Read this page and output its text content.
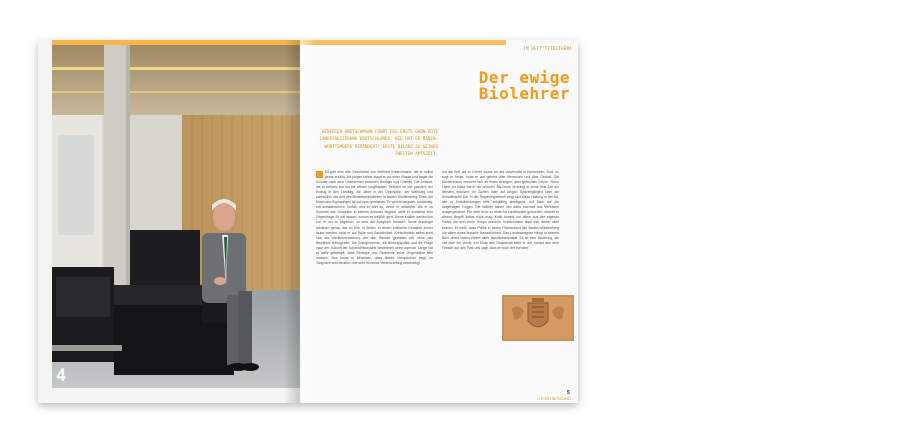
4
IM HEFT TITELTHEMA
Der ewige
Biolehrer
WINFRIED KRETSCHMANN FÜHRT DIE ERSTE GRÜN-ROTE LANDESREGIERUNG DEUTSCHLANDS. WIE HAT ER BADEN-WÜRTTEMBERG VERÄNDERT? ERSTE BILANZ ZU SEINER ZWEITEN AMTSZEIT.

Es gibt eine alte Geschichte von Winfried Kretschmann, die er selbst gerne erzählt. Als junger Lehrer stand er vor einer Klasse und fragte die Schüler nach dem Unterschied zwischen Biologie und Chemie. Die Antwort, die er bekam, hat ihn nie wieder losgelassen. Seitdem ist viel passiert: der Einzug in den Landtag, die Jahre in der Opposition, der Wahlsieg und schließlich das Amt des Ministerpräsidenten in Baden-Württemberg. Doch der Mann aus Sigmaringen ist sich treu geblieben. Er spricht langsam, bedächtig, mit schwäbischem Tonfall, und er hört zu, bevor er antwortet. Als er im Sommer das Gespräch in seinem Amtssitz beginnt, stellt er zunächst eine Gegenfrage. Er will wissen, worum es wirklich geht. Seine Kritiker werfen ihm vor, er sei zu zögerlich, zu sehr auf Ausgleich bedacht. Seine Anhänger schätzen genau das an ihm. In Zeiten, in denen politische Debatten immer lauter werden, setzt er auf Ruhe und Sachlichkeit. Kretschmann selbst sieht sich als Wertkonservativen, der den Wandel gestalten will, ohne das Bewährte aufzugeben. Die Energiewende, die Bildungspolitik und die Frage nach der Zukunft der Automobilindustrie bestimmen seine Agenda. Lange hat er dafür gekämpft, dass Ökologie und Ökonomie keine Gegensätze sein müssen. Nun muss er beweisen, dass dieses Versprechen trägt. Im Gespräch wird deutlich, wie sehr ihn diese Verantwortung beschäftigt.

um die Zeit, als er Lehrer wurde an der Universität in Hohenheim. Dort, so sagt er heute, habe er viel gelernt über Menschen und über Geduld. Die Studierenden erinnern sich an einen strengen, aber gerechten Lehrer. Seine Liebe zur Natur hat er nie verloren. Bis heute verbringt er seine freie Zeit am liebsten draußen, im Garten oder auf langen Spaziergängen über die Schwäbische Alb. In der Regierungsarbeit zeigt sich diese Haltung in der Art, wie er Entscheidungen trifft: sorgfältig abwägend, mit Blick auf die langfristigen Folgen. Die Wähler haben ihm dafür zweimal das Vertrauen ausgesprochen. Für viele ist er zu einer Art Landesvater geworden, obwohl er diesen Begriff selbst nicht mag. Kritik kommt vor allem aus der eigenen Partei, die sich mehr Tempo wünscht. Kretschmann lässt sich davon nicht beirren. Er weiß, dass Politik in einem Flächenland wie Baden-Württemberg vor allem eines braucht: Beharrlichkeit. Das Landeswappen hängt in seinem Büro direkt neben einem alten Naturkundeplakat. Es ist eine Mischung, die viel über ihn verrät. Am Ende des Gesprächs steht er auf, schaut aus dem Fenster auf den Park und sagt, dass er noch viel vorhabe.

›› FORTSETZUNG
5
